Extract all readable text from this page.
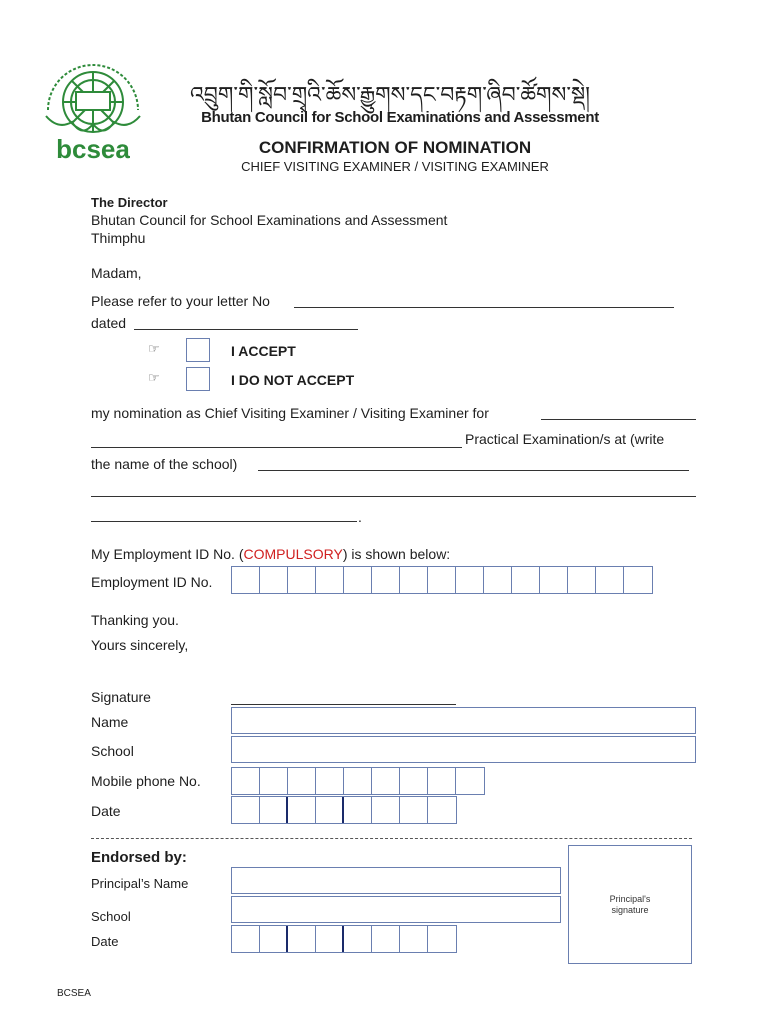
bcsea
འབྲུག་གི་སློབ་གྲྭའི་ཆོས་རྒྱུགས་དང་བརྟག་ཞིབ་ཚོགས་སྡེ།
Bhutan Council for School Examinations and Assessment
CONFIRMATION OF NOMINATION
CHIEF VISITING EXAMINER / VISITING EXAMINER
The Director
Bhutan Council for School Examinations and Assessment
Thimphu
Madam,
Please refer to your letter No
dated
☞	I ACCEPT
☞	I DO NOT ACCEPT
my nomination as Chief Visiting Examiner / Visiting Examiner for
Practical Examination/s at (write
the name of the school)
.
My Employment ID No. (COMPULSORY) is shown below:
Employment ID No.
Thanking you.
Yours sincerely,
Signature
Name
School
Mobile phone No.
Date
Endorsed by:
Principal’s Name
School
Date
Principal's
signature
BCSEA
